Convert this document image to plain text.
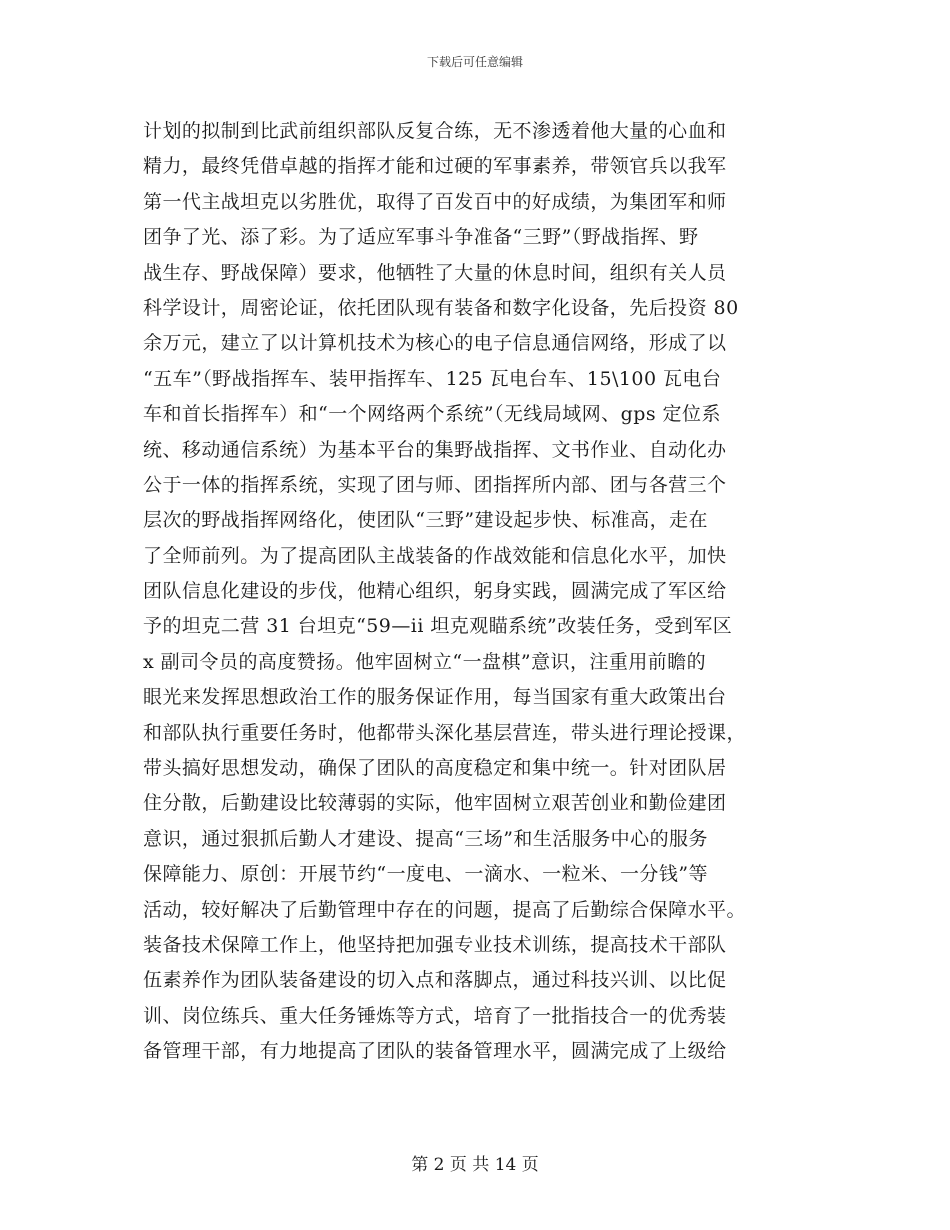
下载后可任意编辑
计划的拟制到比武前组织部队反复合练，无不渗透着他大量的心血和
精力，最终凭借卓越的指挥才能和过硬的军事素养，带领官兵以我军
第一代主战坦克以劣胜优，取得了百发百中的好成绩，为集团军和师
团争了光、添了彩。为了适应军事斗争准备“三野”（野战指挥、野
战生存、野战保障）要求，他牺牲了大量的休息时间，组织有关人员
科学设计，周密论证，依托团队现有装备和数字化设备，先后投资 80
余万元，建立了以计算机技术为核心的电子信息通信网络，形成了以
“五车”（野战指挥车、装甲指挥车、125 瓦电台车、15\100 瓦电台
车和首长指挥车）和“一个网络两个系统”（无线局域网、gps 定位系
统、移动通信系统）为基本平台的集野战指挥、文书作业、自动化办
公于一体的指挥系统，实现了团与师、团指挥所内部、团与各营三个
层次的野战指挥网络化，使团队“三野”建设起步快、标准高，走在
了全师前列。为了提高团队主战装备的作战效能和信息化水平，加快
团队信息化建设的步伐，他精心组织，躬身实践，圆满完成了军区给
予的坦克二营 31 台坦克“59—ii 坦克观瞄系统”改装任务，受到军区
x 副司令员的高度赞扬。他牢固树立“一盘棋”意识，注重用前瞻的
眼光来发挥思想政治工作的服务保证作用，每当国家有重大政策出台
和部队执行重要任务时，他都带头深化基层营连，带头进行理论授课，
带头搞好思想发动，确保了团队的高度稳定和集中统一。针对团队居
住分散，后勤建设比较薄弱的实际，他牢固树立艰苦创业和勤俭建团
意识，通过狠抓后勤人才建设、提高“三场”和生活服务中心的服务
保障能力、原创：开展节约“一度电、一滴水、一粒米、一分钱”等
活动，较好解决了后勤管理中存在的问题，提高了后勤综合保障水平。
装备技术保障工作上，他坚持把加强专业技术训练，提高技术干部队
伍素养作为团队装备建设的切入点和落脚点，通过科技兴训、以比促
训、岗位练兵、重大任务锤炼等方式，培育了一批指技合一的优秀装
备管理干部，有力地提高了团队的装备管理水平，圆满完成了上级给
第 2 页 共 14 页
